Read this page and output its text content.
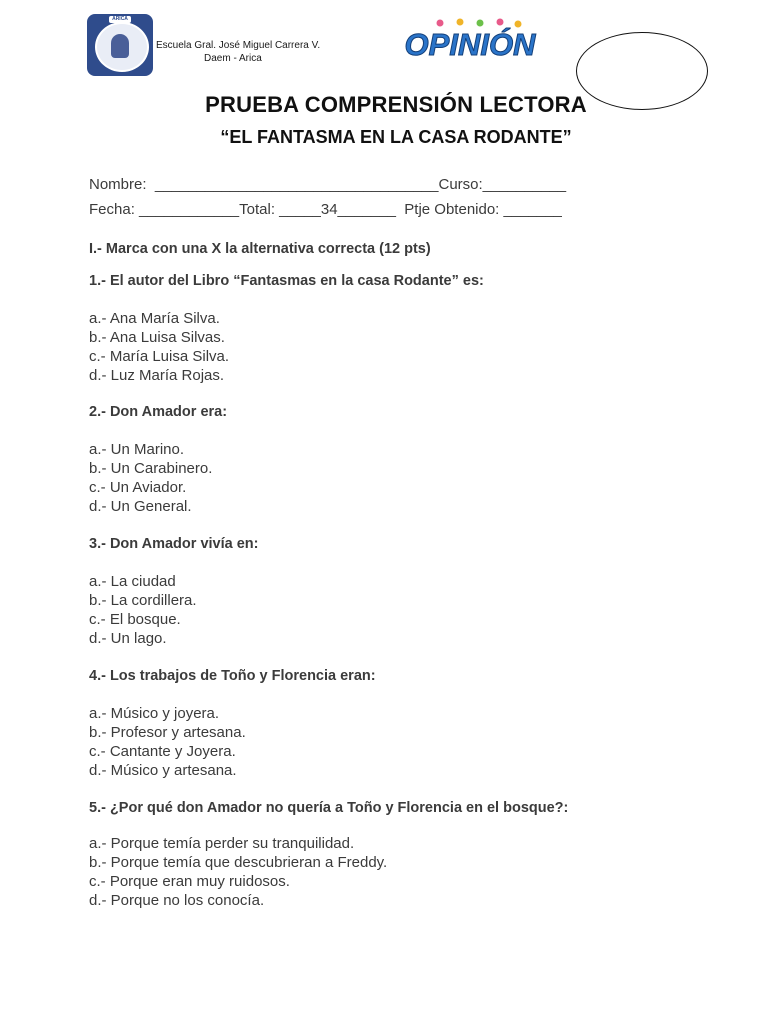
ARICA
Escuela Gral. José Miguel Carrera V.
Daem - Arica	OPINIÓN
PRUEBA COMPRENSIÓN LECTORA
“EL FANTASMA EN LA CASA RODANTE”
Nombre:  __________________________________Curso:__________
Fecha: ____________Total: _____34_______  Ptje Obtenido: _______
I.- Marca con una X la alternativa correcta (12 pts)
1.- El autor del Libro “Fantasmas en la casa Rodante” es:
a.- Ana María Silva.
b.- Ana Luisa Silvas.
c.- María Luisa Silva.
d.- Luz María Rojas.
2.- Don Amador era:
a.- Un Marino.
b.- Un Carabinero.
c.- Un Aviador.
d.- Un General.
3.- Don Amador vivía en:
a.- La ciudad
b.- La cordillera.
c.- El bosque.
d.- Un lago.
4.- Los trabajos de Toño y Florencia eran:
a.- Músico y joyera.
b.- Profesor y artesana.
c.- Cantante y Joyera.
d.- Músico y artesana.
5.- ¿Por qué don Amador no quería a Toño y Florencia en el bosque?:
a.- Porque temía perder su tranquilidad.
b.- Porque temía que descubrieran a Freddy.
c.- Porque eran muy ruidosos.
d.- Porque no los conocía.
